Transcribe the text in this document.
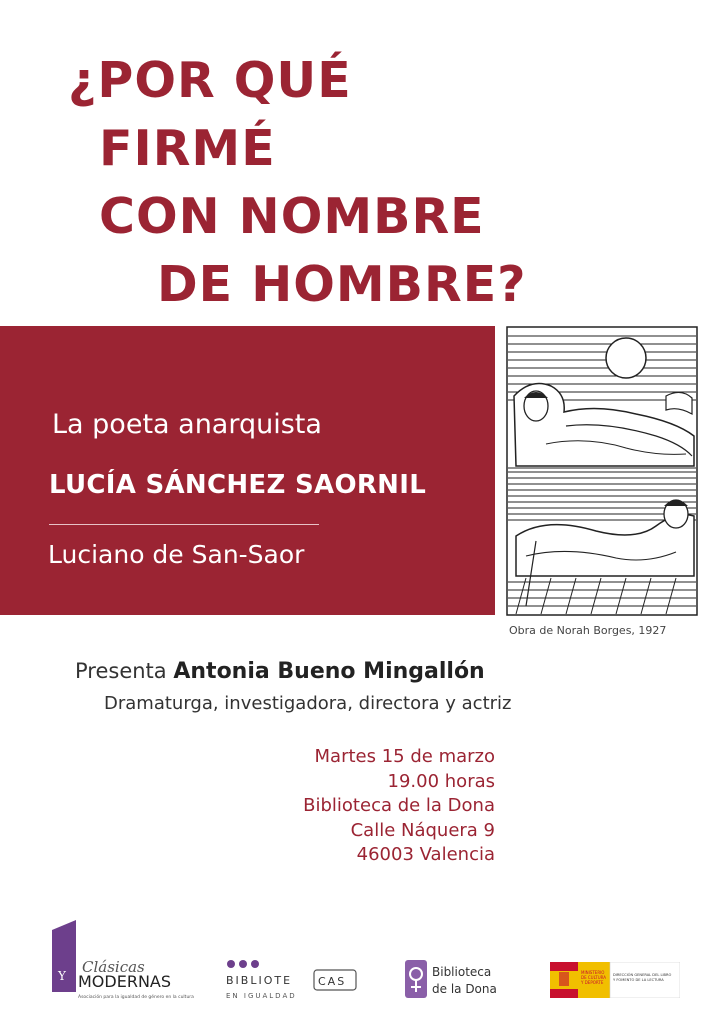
¿POR QUÉ
FIRMÉ
CON NOMBRE
DE HOMBRE?
La poeta anarquista
LUCÍA SÁNCHEZ SAORNIL
Luciano de San-Saor
Obra de Norah Borges, 1927
Presenta Antonia Bueno Mingallón
Dramaturga, investigadora, directora y actriz
Martes 15 de marzo
19.00 horas
Biblioteca de la Dona
Calle Náquera 9
46003 Valencia
Y Clásicas
MODERNAS
Asociación para la igualdad de género en la cultura
BIBLIOTE CAS
EN IGUALDAD
Biblioteca
de la Dona
MINISTERIO
DE CULTURA
Y DEPORTE
DIRECCIÓN GENERAL DEL LIBRO
Y FOMENTO DE LA LECTURA
